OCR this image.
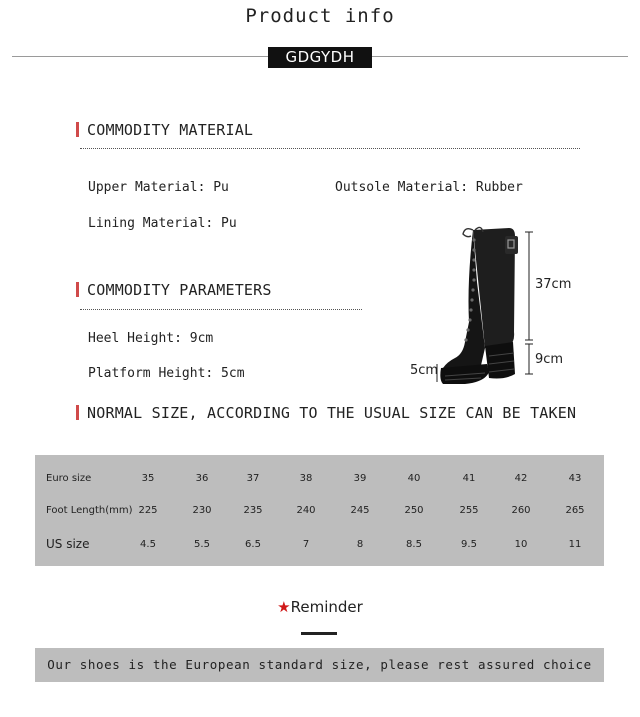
Product info
GDGYDH
COMMODITY MATERIAL
Upper Material: Pu	Outsole Material: Rubber
Lining Material: Pu
COMMODITY PARAMETERS
Heel Height: 9cm
Platform Height: 5cm
37cm
9cm
5cm
NORMAL SIZE, ACCORDING TO THE USUAL SIZE CAN BE TAKEN
Euro size	35	36	37	38	39	40	41	42	43
Foot Length(mm) 225	230	235	240	245	250	255	260	265
US size	4.5	5.5	6.5	7	8	8.5	9.5	10	11
★Reminder
Our shoes is the European standard size, please rest assured choice
